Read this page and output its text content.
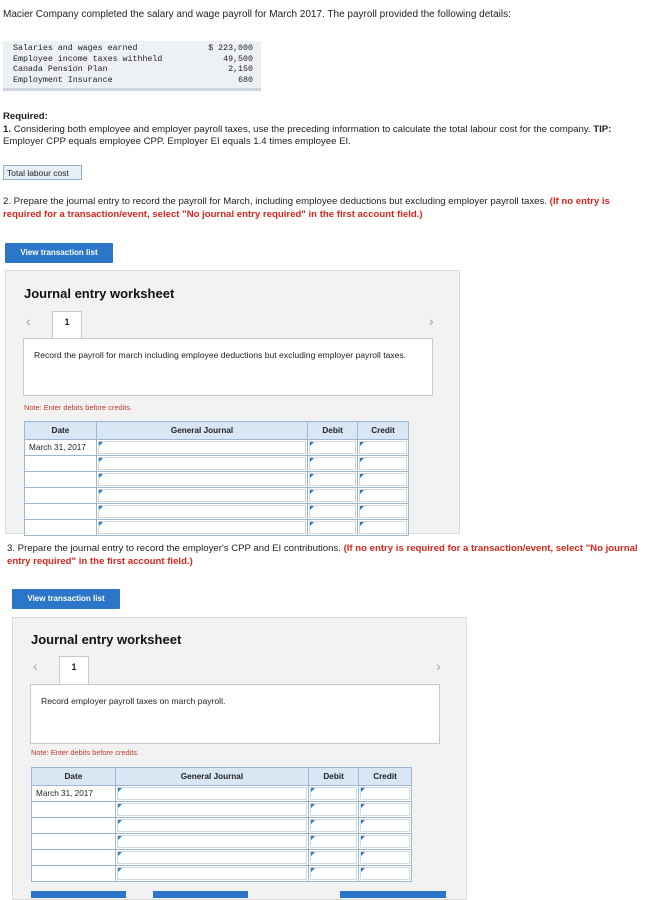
Macier Company completed the salary and wage payroll for March 2017. The payroll provided the following details:
Salaries and wages earned	$ 223,000
Employee income taxes withheld	49,500
Canada Pension Plan	2,150
Employment Insurance	680
Required:
1. Considering both employee and employer payroll taxes, use the preceding information to calculate the total labour cost for the company. TIP: Employer CPP equals employee CPP. Employer EI equals 1.4 times employee EI.
Total labour cost
2. Prepare the journal entry to record the payroll for March, including employee deductions but excluding employer payroll taxes. (If no entry is required for a transaction/event, select "No journal entry required" in the first account field.)
View transaction list
Journal entry worksheet
‹	1	›
Record the payroll for march including employee deductions but excluding employer payroll taxes.
Note: Enter debits before credits.
Date	General Journal	Debit	Credit
March 31, 2017	

3. Prepare the journal entry to record the employer's CPP and EI contributions. (If no entry is required for a transaction/event, select "No journal entry required" in the first account field.)
View transaction list
Journal entry worksheet
‹	1	›
Record employer payroll taxes on march payroll.
Note: Enter debits before credits.
Date	General Journal	Debit	Credit
March 31, 2017	
